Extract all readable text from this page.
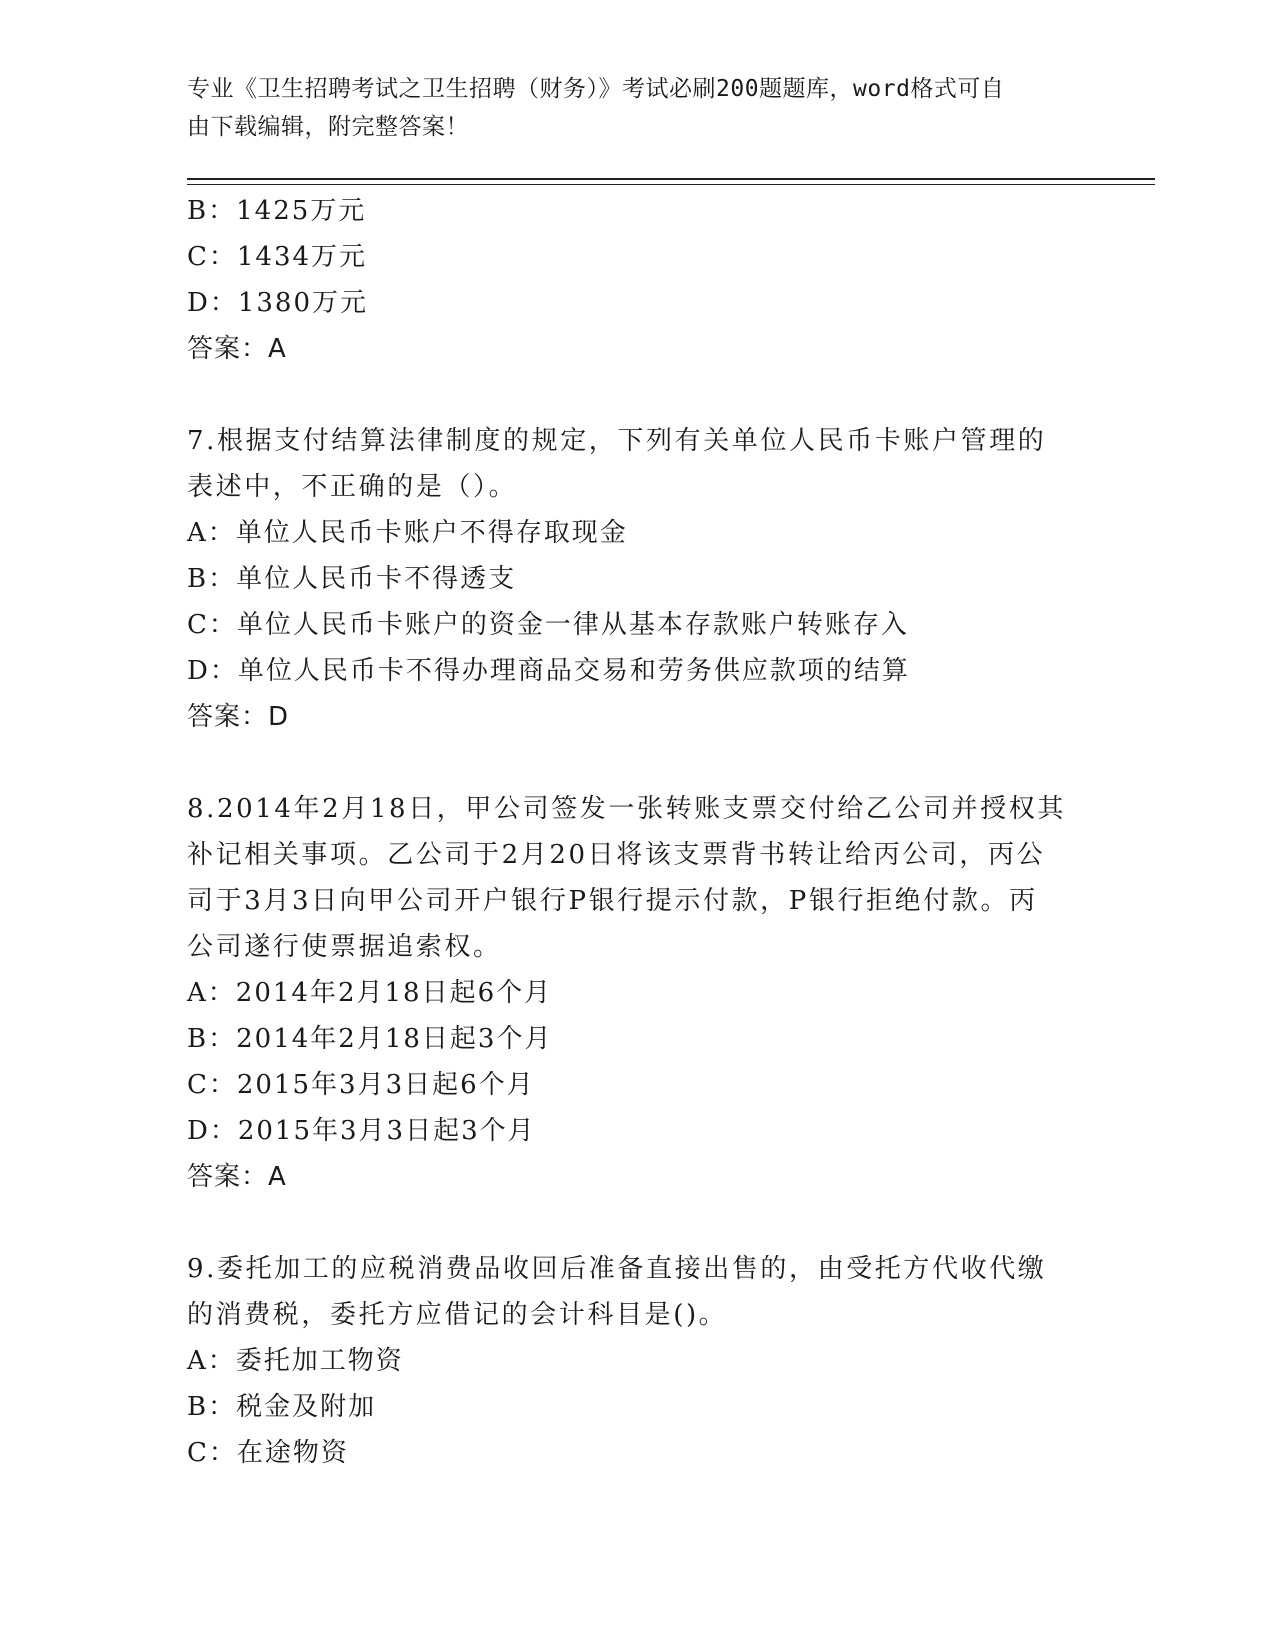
专业《卫生招聘考试之卫生招聘（财务）》考试必刷200题题库，word格式可自
由下载编辑，附完整答案！
B：1425万元
C：1434万元
D：1380万元
答案：A
7.根据支付结算法律制度的规定，下列有关单位人民币卡账户管理的
表述中，不正确的是（）。
A：单位人民币卡账户不得存取现金
B：单位人民币卡不得透支
C：单位人民币卡账户的资金一律从基本存款账户转账存入
D：单位人民币卡不得办理商品交易和劳务供应款项的结算
答案：D
8.2014年2月18日，甲公司签发一张转账支票交付给乙公司并授权其
补记相关事项。乙公司于2月20日将该支票背书转让给丙公司，丙公
司于3月3日向甲公司开户银行P银行提示付款，P银行拒绝付款。丙
公司遂行使票据追索权。
A：2014年2月18日起6个月
B：2014年2月18日起3个月
C：2015年3月3日起6个月
D：2015年3月3日起3个月
答案：A
9.委托加工的应税消费品收回后准备直接出售的，由受托方代收代缴
的消费税，委托方应借记的会计科目是()。
A：委托加工物资
B：税金及附加
C：在途物资
